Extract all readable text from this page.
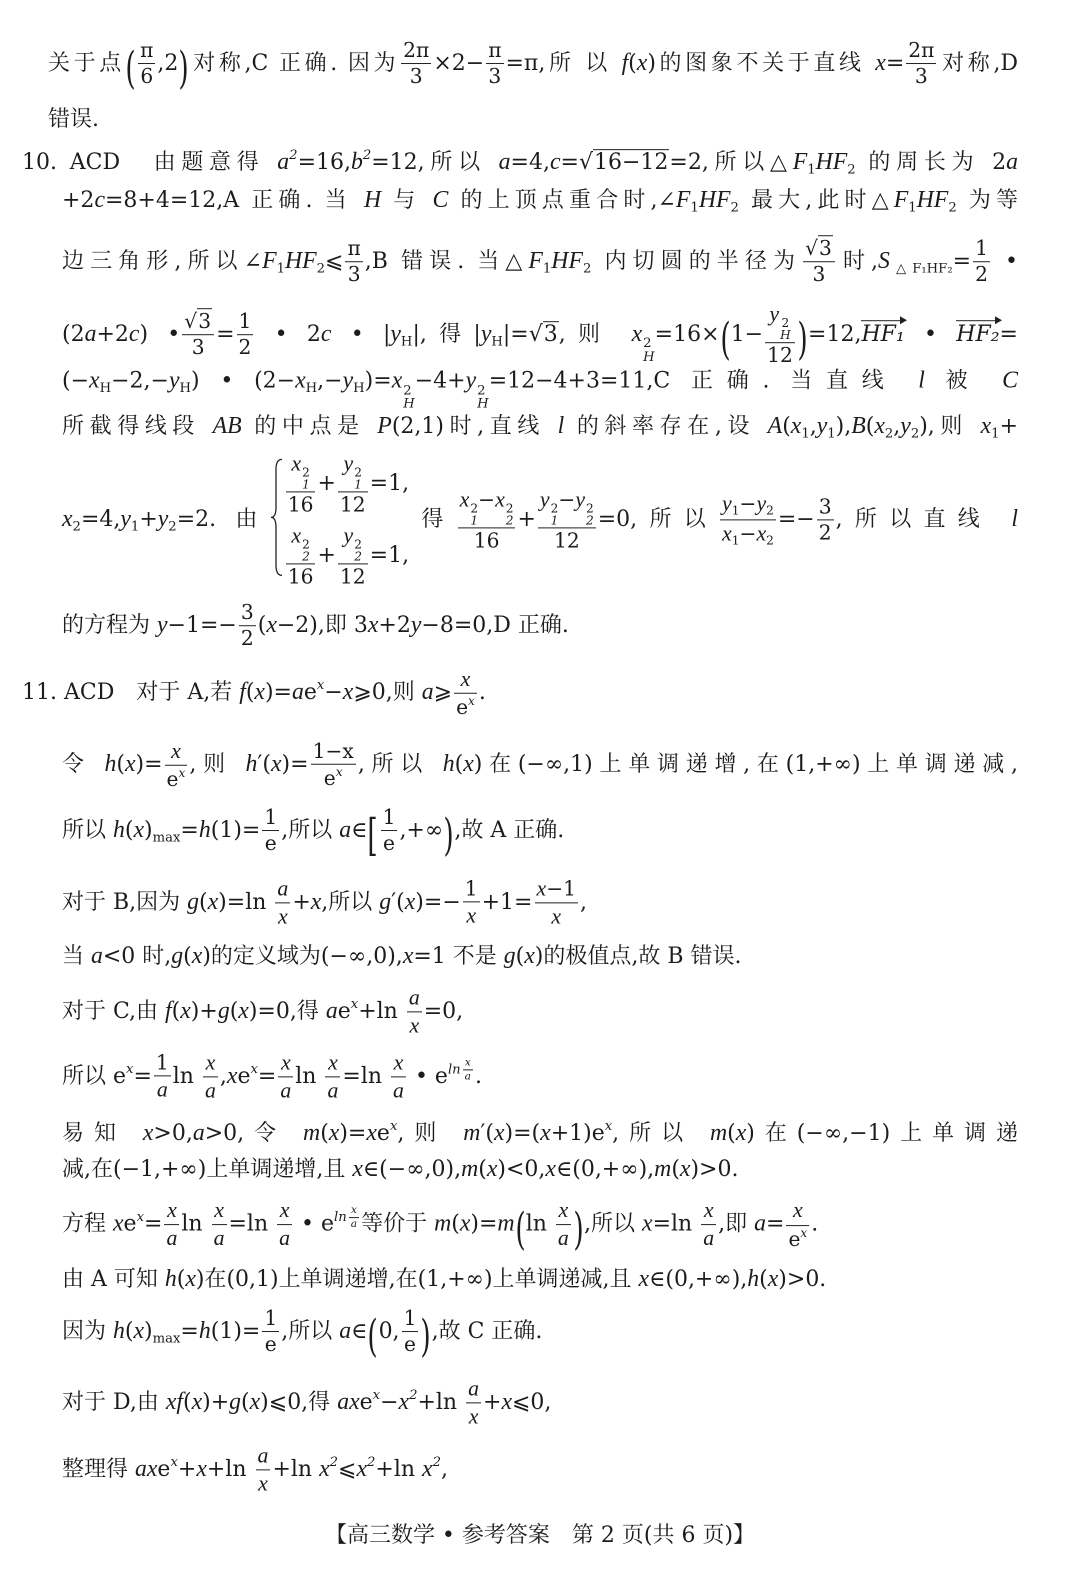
关于点( $\frac{\pi}{6} ,2$)对称,C 正确. 因为 $\frac{2\pi}{3} \times 2- \frac{\pi}{3} =\pi$,所 以 f(x)的图象不关于直线 $x= \frac{2\pi}{3}$ 对称,D
错误.
10. ACD　由题意得 $a^2=16,b^2=12$,所以 a=4,c= √ 16−12=2,所以$\triangle F_1HF_2$ 的周长为 2a
+2c=8+4=12,A 正确. 当 H 与 C 的上顶点重合时$,\angle F_1HF_2$ 最大,此时$\triangle F_1HF_2$ 为等
边三角形,所以$\angle F_1HF_2⩽ \frac{\pi}{3} ,B$ 错误. 当$\triangle F_1HF_2$ 内切圆的半径为 √ $\frac{3}{3}$ 时$,S_{\triangle F_1HF_2}= \frac{1}{2}$ •
(2a+2c) • √ $\frac{3}{3} = \frac{1}{2}$ • 2c • $|y_H|$,得$|y_H|=$ √ 3,则 x 2
H
=16×(1− y 2
H
12 )=12,HF₁ • HF₂=
$(-x_H-2,-y_H)$ • $(2-x_H,-y_H)=x$ 2
H
−4+y 2
H
=12−4+3=11,C 正确. 当直线 l 被 C
所截得线段 AB 的中点是 P(2,1)时,直线 l 的斜率存在,设 $A(x_1,y_1),B(x_2,y_2)$,则 $x_1+$
$x_2=4,y_1+y_2=2$. 由
x 2
1
16 + y 2
1
12 =1,
x 2
2
16 + y 2
2
12 =1,
得 x 2
1
−x 2
2
16 + y 2
1
−y 2
2
12 =0,所以 $\frac{y_1-y_2}{x_1-x_2} =- \frac{3}{2}$ ,所以直线 l
的方程为 $y-1=- \frac{3}{2} (x-2)$,即 3x+2y−8=0,D 正确.
11. ACD　对于 A,若 $f(x)=ae^x-x⩾0$,则 a⩾ $\frac{x}{e^x}$ .
令 $h(x)= \frac{x}{e^x}$ ,则 $h'(x)= \frac{1-x}{e^x}$ ,所以 h(x)在(−∞,1)上单调递增,在(1,+∞)上单调递减,
所以 $h(x)_{max}=h(1)= \frac{1}{e}$ ,所以 a∈[ $\frac{1}{e}$ ,+∞),故 A 正确.
对于 B,因为 $g(x)=\ln \frac{a}{x} +x$,所以 $g'(x)=- \frac{1}{x} +1= \frac{x-1}{x}$ ,
当 a<0 时,g(x)的定义域为(−∞,0),x=1 不是 g(x)的极值点,故 B 错误.
对于 C,由 f(x)+g(x)=0,得 $ae^x+\ln \frac{a}{x} =0$,
所以 $e^x= \frac{1}{a}$ $\ln \frac{x}{a} ,xe^x= \frac{x}{a}$ $\ln \frac{x}{a} =\ln \frac{x}{a}$ • $e^{ln \frac{x}{a}}$ .
易知 x>0,a>0,令 $m(x)=xe^x$,则 $m'(x)=(x+1)e^x$,所以 m(x)在(−∞,−1)上单调递
减,在(−1,+∞)上单调递增,且 x∈(−∞,0),m(x)<0,x∈(0,+∞),m(x)>0.
方程 $xe^x= \frac{x}{a}$ $\ln \frac{x}{a} =\ln \frac{x}{a}$ • $e^{ln \frac{x}{a}}$ 等价于 $m(x)=m(\ln \frac{x}{a}$ ),所以 $x=\ln \frac{x}{a}$ ,即 $a= \frac{x}{e^x}$ .
由 A 可知 h(x)在(0,1)上单调递增,在(1,+∞)上单调递减,且 x∈(0,+∞),h(x)>0.
因为 $h(x)_{max}=h(1)= \frac{1}{e}$ ,所以 a∈(0, $\frac{1}{e}$ ),故 C 正确.
对于 D,由 xf(x)+g(x)⩽0,得 $axe^x-x^2+\ln \frac{a}{x}$ +x⩽0,
整理得 $axe^x+x+\ln \frac{a}{x} +\ln$ $x^2⩽x^2+\ln$ $x^2$,
【高三数学 • 参考答案　第 2 页(共 6 页)】
